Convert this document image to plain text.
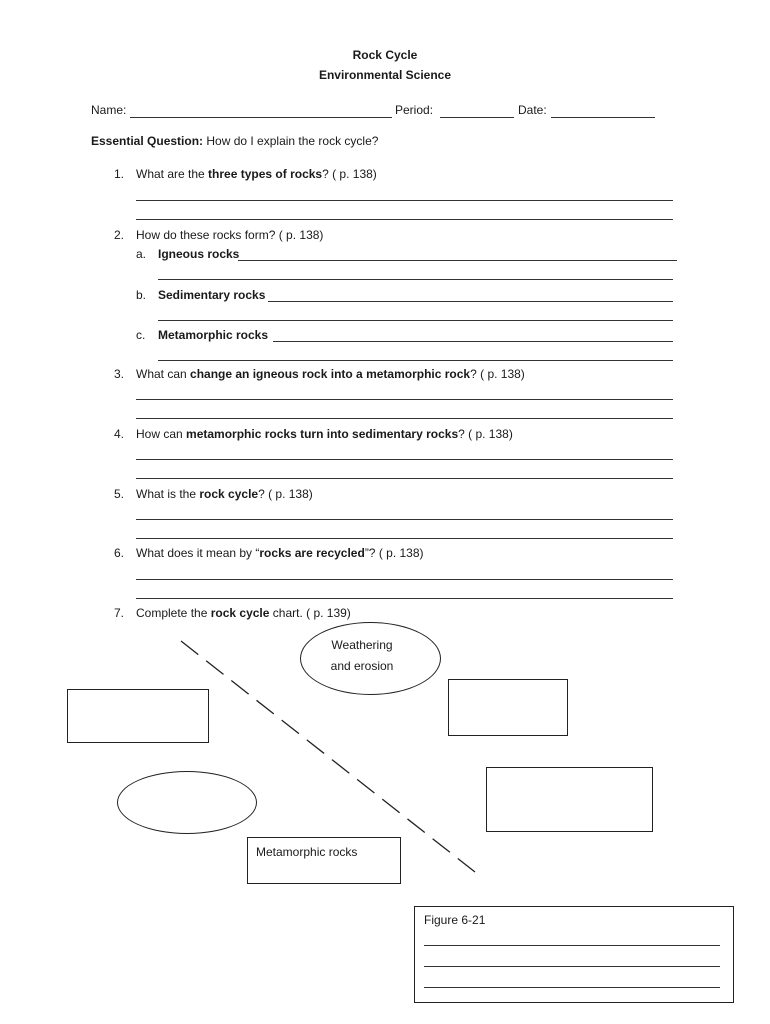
Rock Cycle
Environmental Science
Name:	Period:	Date:
Essential Question: How do I explain the rock cycle?
1. What are the three types of rocks? ( p. 138)
2. How do these rocks form? ( p. 138)
a. Igneous rocks
b. Sedimentary rocks
c. Metamorphic rocks
3. What can change an igneous rock into a metamorphic rock? ( p. 138)
4. How can metamorphic rocks turn into sedimentary rocks? ( p. 138)
5. What is the rock cycle? ( p. 138)
6. What does it mean by “rocks are recycled”? ( p. 138)
7. Complete the rock cycle chart. ( p. 139)
Weathering
and erosion
Metamorphic rocks
Figure 6-21
